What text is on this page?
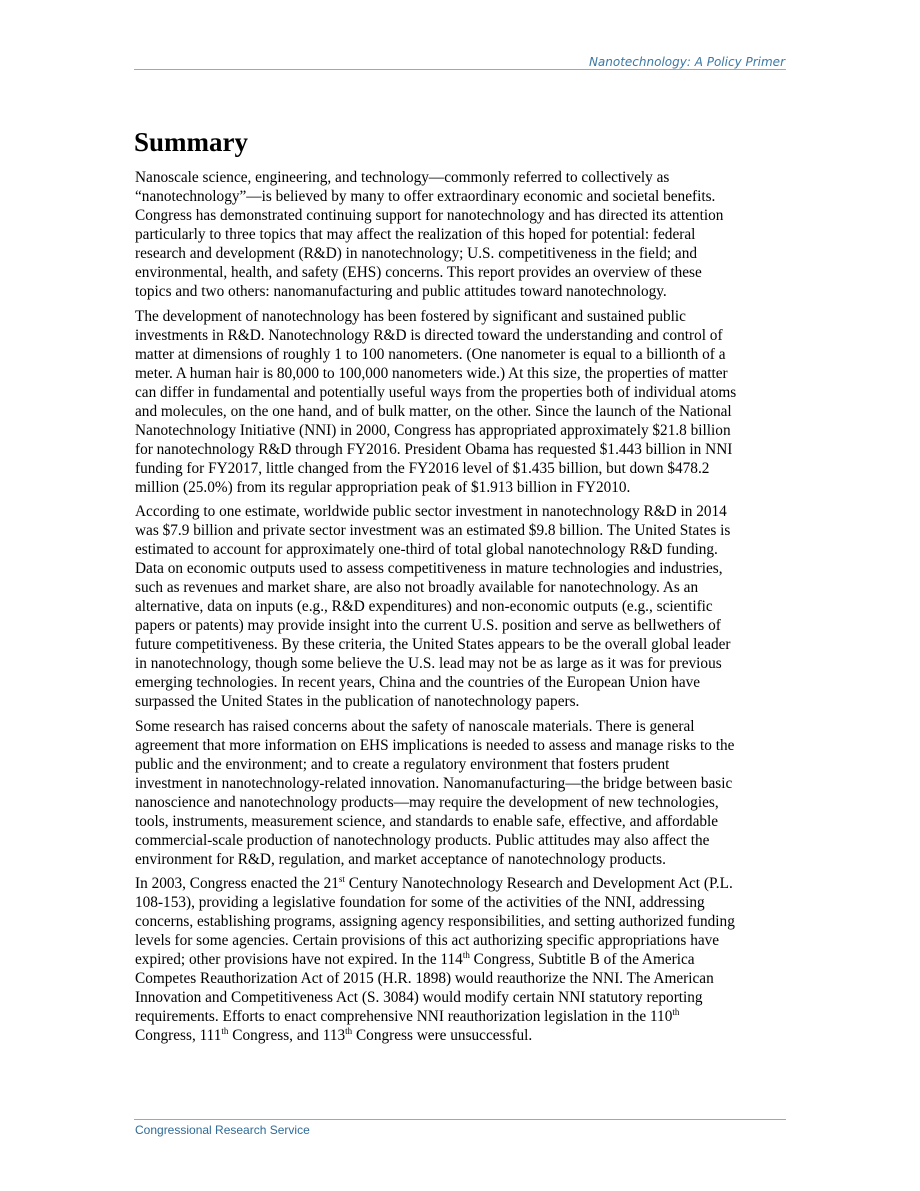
Nanotechnology: A Policy Primer
Summary

Nanoscale science, engineering, and technology—commonly referred to collectively as
“nanotechnology”—is believed by many to offer extraordinary economic and societal benefits.
Congress has demonstrated continuing support for nanotechnology and has directed its attention
particularly to three topics that may affect the realization of this hoped for potential: federal
research and development (R&D) in nanotechnology; U.S. competitiveness in the field; and
environmental, health, and safety (EHS) concerns. This report provides an overview of these
topics and two others: nanomanufacturing and public attitudes toward nanotechnology.

The development of nanotechnology has been fostered by significant and sustained public
investments in R&D. Nanotechnology R&D is directed toward the understanding and control of
matter at dimensions of roughly 1 to 100 nanometers. (One nanometer is equal to a billionth of a
meter. A human hair is 80,000 to 100,000 nanometers wide.) At this size, the properties of matter
can differ in fundamental and potentially useful ways from the properties both of individual atoms
and molecules, on the one hand, and of bulk matter, on the other. Since the launch of the National
Nanotechnology Initiative (NNI) in 2000, Congress has appropriated approximately $21.8 billion
for nanotechnology R&D through FY2016. President Obama has requested $1.443 billion in NNI
funding for FY2017, little changed from the FY2016 level of $1.435 billion, but down $478.2
million (25.0%) from its regular appropriation peak of $1.913 billion in FY2010.

According to one estimate, worldwide public sector investment in nanotechnology R&D in 2014
was $7.9 billion and private sector investment was an estimated $9.8 billion. The United States is
estimated to account for approximately one-third of total global nanotechnology R&D funding.
Data on economic outputs used to assess competitiveness in mature technologies and industries,
such as revenues and market share, are also not broadly available for nanotechnology. As an
alternative, data on inputs (e.g., R&D expenditures) and non-economic outputs (e.g., scientific
papers or patents) may provide insight into the current U.S. position and serve as bellwethers of
future competitiveness. By these criteria, the United States appears to be the overall global leader
in nanotechnology, though some believe the U.S. lead may not be as large as it was for previous
emerging technologies. In recent years, China and the countries of the European Union have
surpassed the United States in the publication of nanotechnology papers.

Some research has raised concerns about the safety of nanoscale materials. There is general
agreement that more information on EHS implications is needed to assess and manage risks to the
public and the environment; and to create a regulatory environment that fosters prudent
investment in nanotechnology-related innovation. Nanomanufacturing—the bridge between basic
nanoscience and nanotechnology products—may require the development of new technologies,
tools, instruments, measurement science, and standards to enable safe, effective, and affordable
commercial-scale production of nanotechnology products. Public attitudes may also affect the
environment for R&D, regulation, and market acceptance of nanotechnology products.

In 2003, Congress enacted the 21st Century Nanotechnology Research and Development Act (P.L.
108-153), providing a legislative foundation for some of the activities of the NNI, addressing
concerns, establishing programs, assigning agency responsibilities, and setting authorized funding
levels for some agencies. Certain provisions of this act authorizing specific appropriations have
expired; other provisions have not expired. In the 114th Congress, Subtitle B of the America
Competes Reauthorization Act of 2015 (H.R. 1898) would reauthorize the NNI. The American
Innovation and Competitiveness Act (S. 3084) would modify certain NNI statutory reporting
requirements. Efforts to enact comprehensive NNI reauthorization legislation in the 110th
Congress, 111th Congress, and 113th Congress were unsuccessful.

Congressional Research Service
